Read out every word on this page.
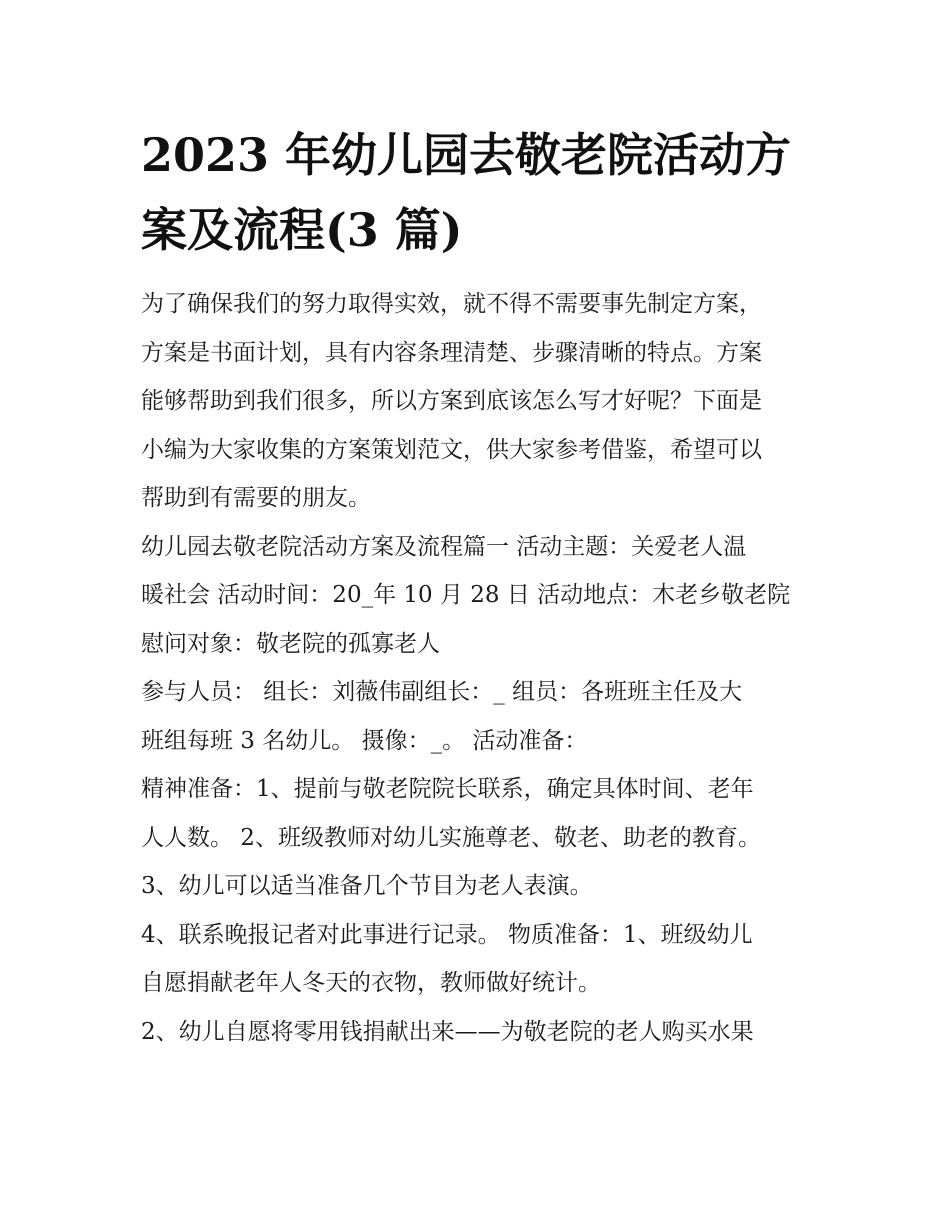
2023 年幼儿园去敬老院活动方
案及流程(3 篇)
为了确保我们的努力取得实效，就不得不需要事先制定方案，
方案是书面计划，具有内容条理清楚、步骤清晰的特点。方案
能够帮助到我们很多，所以方案到底该怎么写才好呢？下面是
小编为大家收集的方案策划范文，供大家参考借鉴，希望可以
帮助到有需要的朋友。
幼儿园去敬老院活动方案及流程篇一 活动主题：关爱老人温
暖社会 活动时间：20_年 10 月 28 日 活动地点：木老乡敬老院
慰问对象：敬老院的孤寡老人
参与人员： 组长：刘薇伟副组长：_ 组员：各班班主任及大
班组每班 3 名幼儿。 摄像：_。 活动准备：
精神准备：1、提前与敬老院院长联系，确定具体时间、老年
人人数。 2、班级教师对幼儿实施尊老、敬老、助老的教育。
3、幼儿可以适当准备几个节目为老人表演。
4、联系晚报记者对此事进行记录。 物质准备：1、班级幼儿
自愿捐献老年人冬天的衣物，教师做好统计。
2、幼儿自愿将零用钱捐献出来——为敬老院的老人购买水果
